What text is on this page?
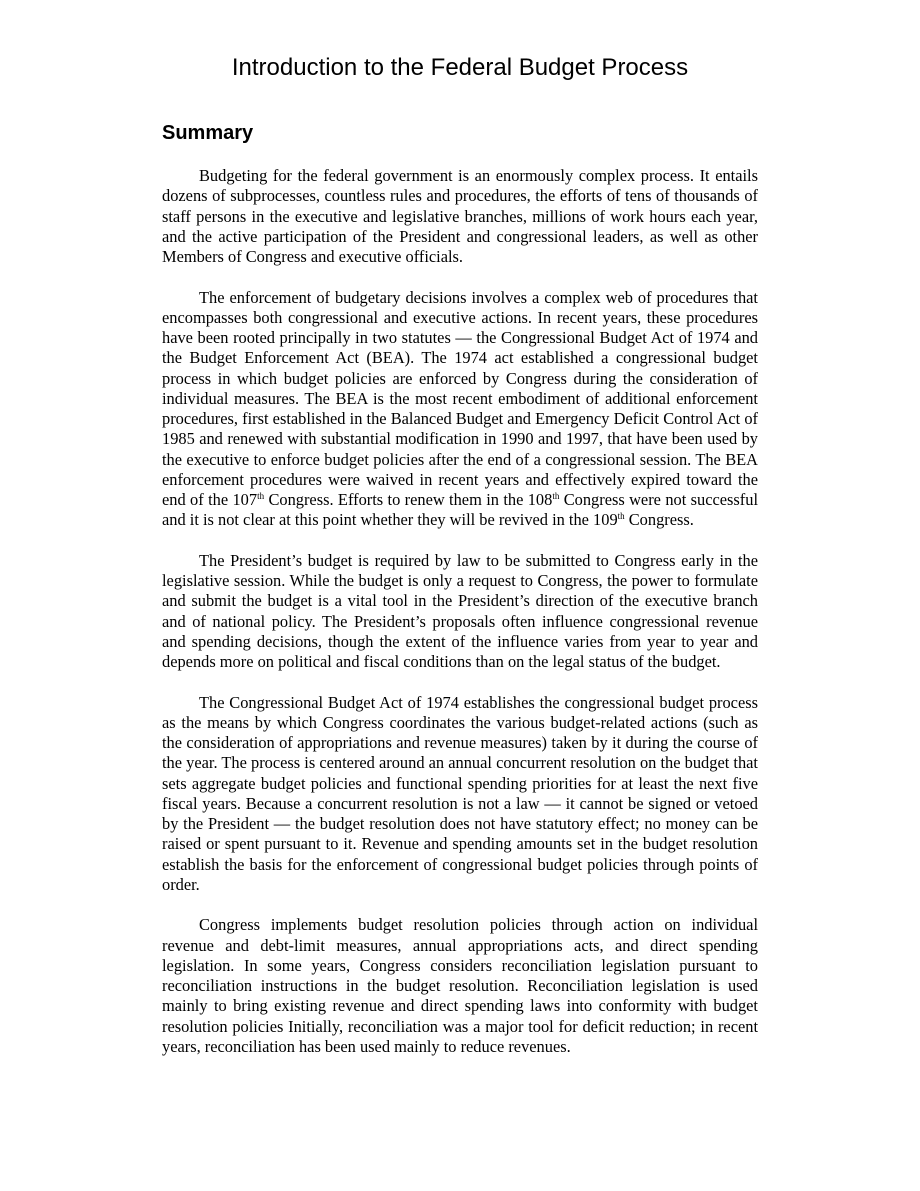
Introduction to the Federal Budget Process
Summary

Budgeting for the federal government is an enormously complex process. It entails dozens of subprocesses, countless rules and procedures, the efforts of tens of thousands of staff persons in the executive and legislative branches, millions of work hours each year, and the active participation of the President and congressional leaders, as well as other Members of Congress and executive officials.

The enforcement of budgetary decisions involves a complex web of procedures that encompasses both congressional and executive actions. In recent years, these procedures have been rooted principally in two statutes — the Congressional Budget Act of 1974 and the Budget Enforcement Act (BEA). The 1974 act established a congressional budget process in which budget policies are enforced by Congress during the consideration of individual measures. The BEA is the most recent embodiment of additional enforcement procedures, first established in the Balanced Budget and Emergency Deficit Control Act of 1985 and renewed with substantial modification in 1990 and 1997, that have been used by the executive to enforce budget policies after the end of a congressional session. The BEA enforcement procedures were waived in recent years and effectively expired toward the end of the 107th Congress. Efforts to renew them in the 108th Congress were not successful and it is not clear at this point whether they will be revived in the 109th Congress.

The President’s budget is required by law to be submitted to Congress early in the legislative session. While the budget is only a request to Congress, the power to formulate and submit the budget is a vital tool in the President’s direction of the executive branch and of national policy. The President’s proposals often influence congressional revenue and spending decisions, though the extent of the influence varies from year to year and depends more on political and fiscal conditions than on the legal status of the budget.

The Congressional Budget Act of 1974 establishes the congressional budget process as the means by which Congress coordinates the various budget-related actions (such as the consideration of appropriations and revenue measures) taken by it during the course of the year. The process is centered around an annual concurrent resolution on the budget that sets aggregate budget policies and functional spending priorities for at least the next five fiscal years. Because a concurrent resolution is not a law — it cannot be signed or vetoed by the President — the budget resolution does not have statutory effect; no money can be raised or spent pursuant to it. Revenue and spending amounts set in the budget resolution establish the basis for the enforcement of congressional budget policies through points of order.

Congress implements budget resolution policies through action on individual revenue and debt-limit measures, annual appropriations acts, and direct spending legislation. In some years, Congress considers reconciliation legislation pursuant to reconciliation instructions in the budget resolution. Reconciliation legislation is used mainly to bring existing revenue and direct spending laws into conformity with budget resolution policies Initially, reconciliation was a major tool for deficit reduction; in recent years, reconciliation has been used mainly to reduce revenues.
